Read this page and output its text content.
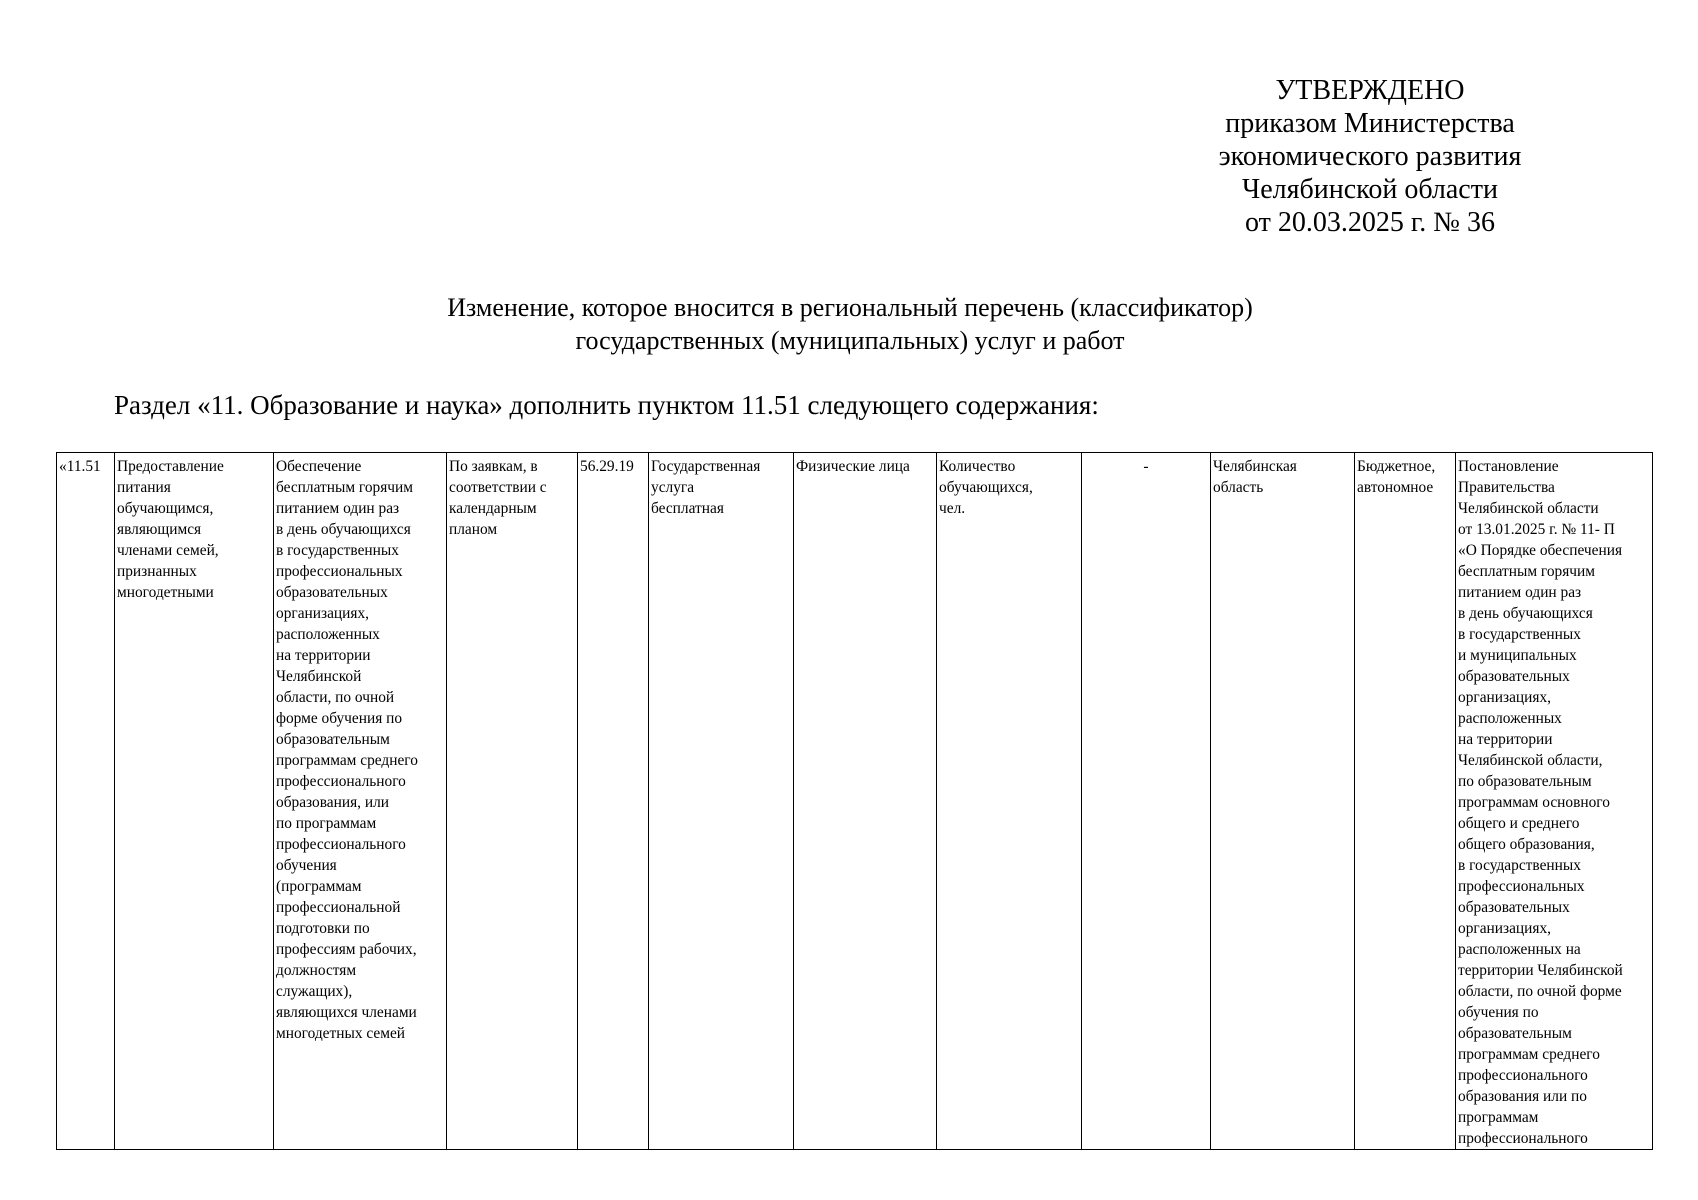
УТВЕРЖДЕНО
приказом Министерства
экономического развития
Челябинской области
от 20.03.2025 г. № 36
Изменение, которое вносится в региональный перечень (классификатор)
государственных (муниципальных) услуг и работ
Раздел «11. Образование и наука» дополнить пунктом 11.51 следующего содержания:
«11.51	Предоставление
питания
обучающимся,
являющимся
членами семей,
признанных
многодетными	Обеспечение
бесплатным горячим
питанием один раз
в день обучающихся
в государственных
профессиональных
образовательных
организациях,
расположенных
на территории
Челябинской
области, по очной
форме обучения по
образовательным
программам среднего
профессионального
образования, или
по программам
профессионального
обучения
(программам
профессиональной
подготовки по
профессиям рабочих,
должностям
служащих),
являющихся членами
многодетных семей	По заявкам, в
соответствии с
календарным
планом	56.29.19	Государственная
услуга
бесплатная	Физические лица	Количество
обучающихся,
чел.	-	Челябинская
область	Бюджетное,
автономное	Постановление
Правительства
Челябинской области
от 13.01.2025 г. № 11- П
«О Порядке обеспечения
бесплатным горячим
питанием один раз
в день обучающихся
в государственных
и муниципальных
образовательных
организациях,
расположенных
на территории
Челябинской области,
по образовательным
программам основного
общего и среднего
общего образования,
в государственных
профессиональных
образовательных
организациях,
расположенных на
территории Челябинской
области, по очной форме
обучения по
образовательным
программам среднего
профессионального
образования или по
программам
профессионального
